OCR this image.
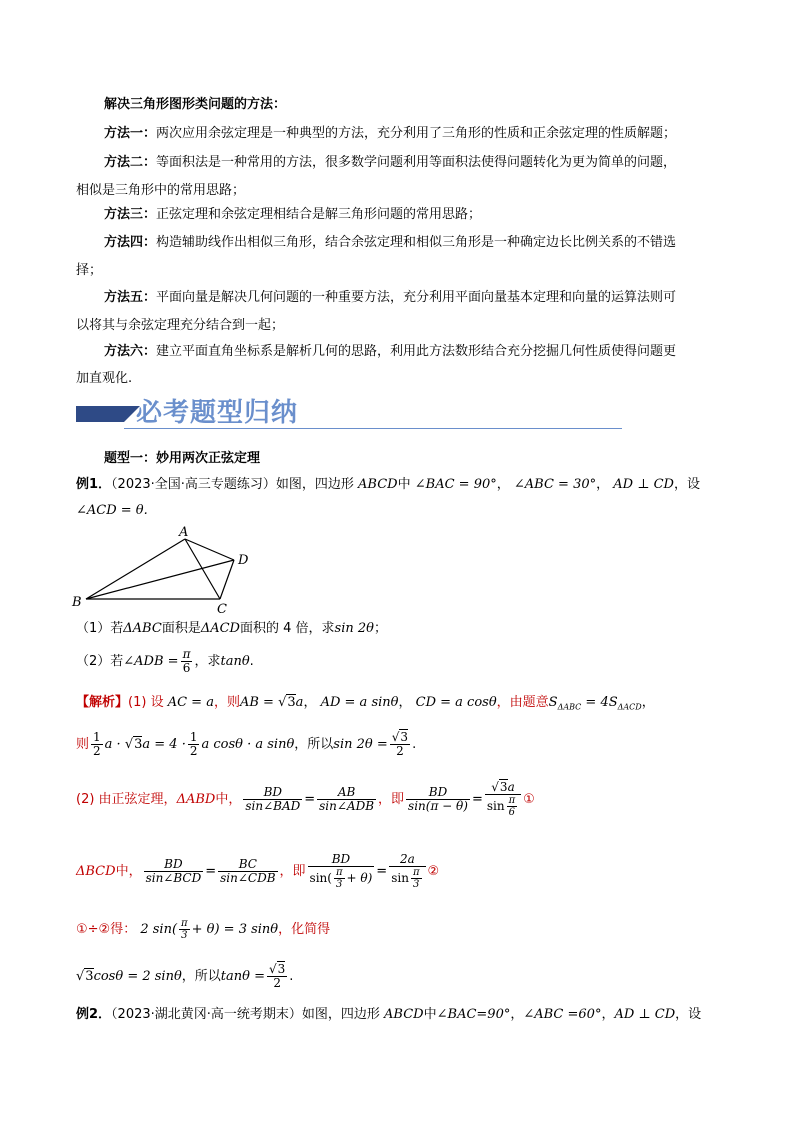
解决三角形图形类问题的方法：
方法一：两次应用余弦定理是一种典型的方法，充分利用了三角形的性质和正余弦定理的性质解题；
方法二：等面积法是一种常用的方法，很多数学问题利用等面积法使得问题转化为更为简单的问题，
相似是三角形中的常用思路；
方法三：正弦定理和余弦定理相结合是解三角形问题的常用思路；
方法四：构造辅助线作出相似三角形，结合余弦定理和相似三角形是一种确定边长比例关系的不错选
择；
方法五：平面向量是解决几何问题的一种重要方法，充分利用平面向量基本定理和向量的运算法则可
以将其与余弦定理充分结合到一起；
方法六：建立平面直角坐标系是解析几何的思路，利用此方法数形结合充分挖掘几何性质使得问题更
加直观化.
必考题型归纳
题型一：妙用两次正弦定理
例1．（2023·全国·高三专题练习）如图，四边形 ABCD中 ∠BAC = 90°， ∠ABC = 30°， AD ⊥ CD，设
∠ACD = θ.
A
B	C
D
（1）若ΔABC面积是ΔACD面积的 4 倍，求sin 2θ；
（2）若∠ADB = $\frac{\pi}{6}$ ，求tanθ.
【解析】(1) 设 AC = a，则AB = √3a， AD = a sinθ， CD = a cosθ，由题意$S_{\Delta ABC} = 4S_{\Delta ACD}$，
则 $\frac{1}{2}$ $a \cdot √3a = 4 \cdot \frac{1}{2}$ a cosθ · a sinθ，所以$\sin 2\theta = \frac{√3}{2}$ .
(2) 由正弦定理，ΔABD中，	BD
sin∠BAD =	AB
sin∠ADB ，即 $\frac{BD}{\sin(\pi - \theta)} = \frac{√3a}{\sin \frac{\pi}{6}}$ ①
ΔBCD中，	BD
sin∠BCD =	BC
sin∠CDB ，即 $\frac{BD}{\sin( \frac{\pi}{3} + \theta)} = \frac{2a}{\sin \frac{\pi}{3}}$ ②
①÷②得： 2 $\sin( \frac{\pi}{3} + \theta) = 3$ sinθ，化简得
√3cosθ = 2 sinθ，所以$\tan\theta = \frac{√3}{2}$ .
例2．（2023·湖北黄冈·高一统考期末）如图，四边形 ABCD中∠BAC=90°，∠ABC =60°，AD ⊥ CD，设
